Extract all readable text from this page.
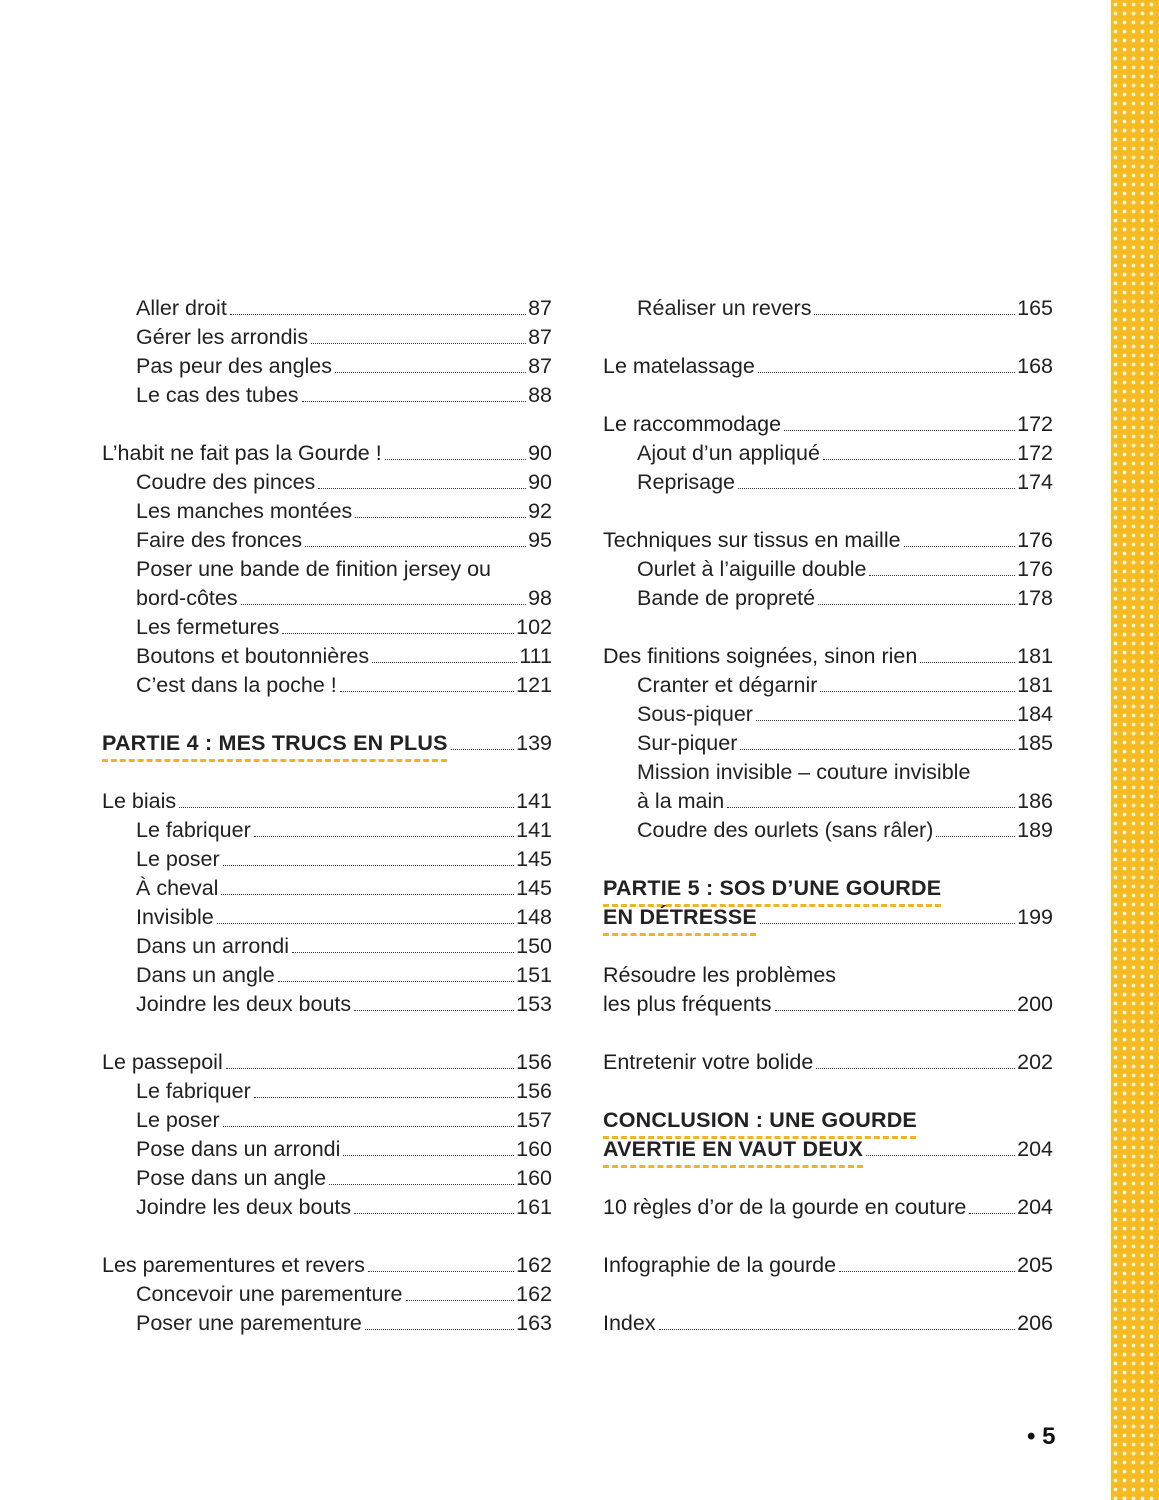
Aller droit	87
Gérer les arrondis	87
Pas peur des angles	87
Le cas des tubes	88
L’habit ne fait pas la Gourde !	90
Coudre des pinces	90
Les manches montées	92
Faire des fronces	95
Poser une bande de finition jersey ou
bord-côtes	98
Les fermetures	102
Boutons et boutonnières	111
C’est dans la poche !	121
PARTIE 4 : MES TRUCS EN PLUS	139
Le biais	141
Le fabriquer	141
Le poser	145
À cheval	145
Invisible	148
Dans un arrondi	150
Dans un angle	151
Joindre les deux bouts	153
Le passepoil	156
Le fabriquer	156
Le poser	157
Pose dans un arrondi	160
Pose dans un angle	160
Joindre les deux bouts	161
Les parementures et revers	162
Concevoir une parementure	162
Poser une parementure	163
Réaliser un revers	165
Le matelassage	168
Le raccommodage	172
Ajout d’un appliqué	172
Reprisage	174
Techniques sur tissus en maille	176
Ourlet à l’aiguille double	176
Bande de propreté	178
Des finitions soignées, sinon rien	181
Cranter et dégarnir	181
Sous-piquer	184
Sur-piquer	185
Mission invisible – couture invisible
à la main	186
Coudre des ourlets (sans râler)	189
PARTIE 5 : SOS D’UNE GOURDE
EN DÉTRESSE	199
Résoudre les problèmes
les plus fréquents	200
Entretenir votre bolide	202
CONCLUSION : UNE GOURDE
AVERTIE EN VAUT DEUX	204
10 règles d’or de la gourde en couture 204
Infographie de la gourde	205
Index	206
• 5
